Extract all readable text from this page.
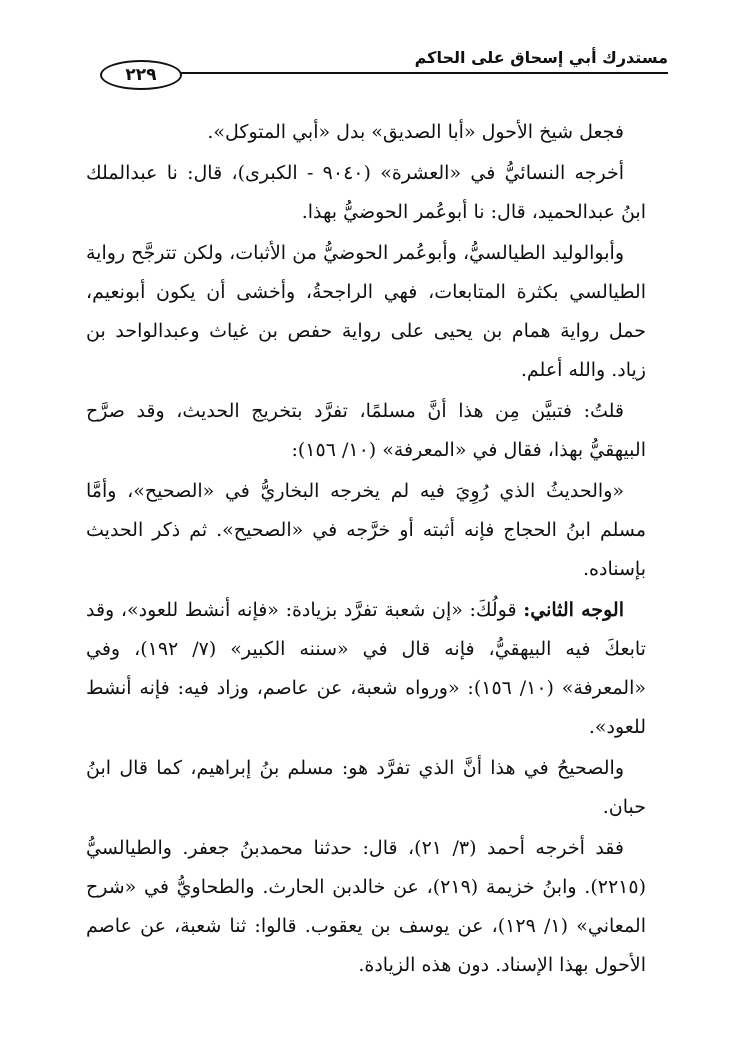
مستدرك أبي إسحاق على الحاكم
٢٢٩

فجعل شيخ الأحول «أبا الصديق» بدل «أبي المتوكل».

أخرجه النسائيُّ في «العشرة» (٩٠٤٠ - الكبرى)، قال: نا عبدالملك ابنُ عبدالحميد، قال: نا أبوعُمر الحوضيُّ بهذا.

وأبوالوليد الطيالسيُّ، وأبوعُمر الحوضيُّ من الأثبات، ولكن تترجَّح رواية الطيالسي بكثرة المتابعات، فهي الراجحةُ، وأخشى أن يكون أبونعيم، حمل رواية همام بن يحيى على رواية حفص بن غياث وعبدالواحد بن زياد. والله أعلم.

قلتُ: فتبيَّن مِن هذا أنَّ مسلمًا، تفرَّد بتخريج الحديث، وقد صرَّح البيهقيُّ بهذا، فقال في «المعرفة» (١٠/ ١٥٦):

«والحديثُ الذي رُوِيَ فيه لم يخرجه البخاريُّ في «الصحيح»، وأمَّا مسلم ابنُ الحجاج فإنه أثبته أو خرَّجه في «الصحيح». ثم ذكر الحديث بإسناده.

الوجه الثاني: قولُكَ: «إن شعبة تفرَّد بزيادة: «فإنه أنشط للعود»، وقد تابعكَ فيه البيهقيُّ، فإنه قال في «سننه الكبير» (٧/ ١٩٢)، وفي «المعرفة» (١٠/ ١٥٦): «ورواه شعبة، عن عاصم، وزاد فيه: فإنه أنشط للعود».

والصحيحُ في هذا أنَّ الذي تفرَّد هو: مسلم بنُ إبراهيم، كما قال ابنُ حبان.

فقد أخرجه أحمد (٣/ ٢١)، قال: حدثنا محمدبنُ جعفر. والطيالسيُّ (٢٢١٥). وابنُ خزيمة (٢١٩)، عن خالدبن الحارث. والطحاويُّ في «شرح المعاني» (١/ ١٢٩)، عن يوسف بن يعقوب. قالوا: ثنا شعبة، عن عاصم الأحول بهذا الإسناد. دون هذه الزيادة.
